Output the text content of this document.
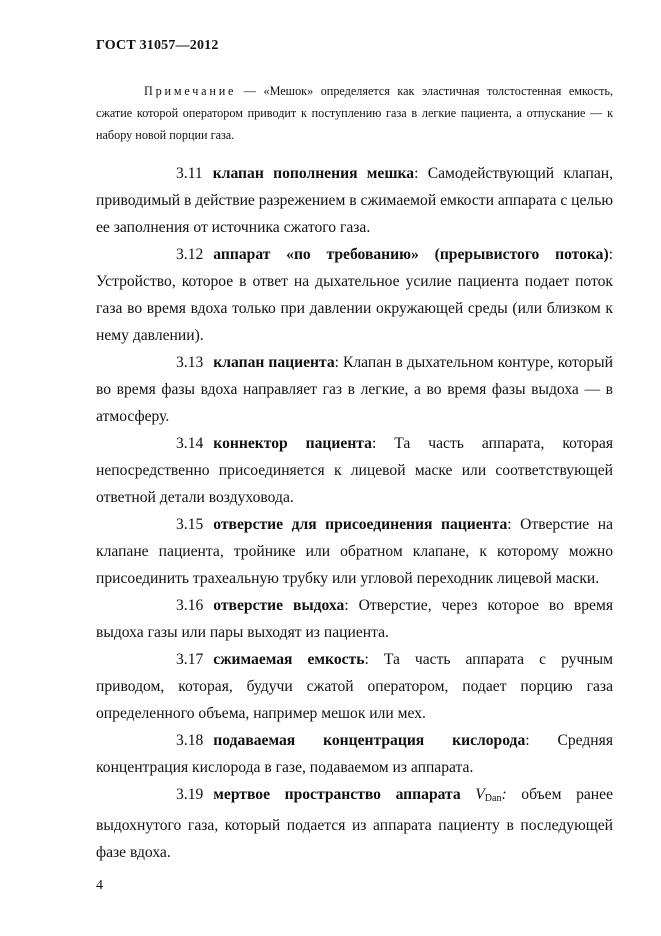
ГОСТ 31057—2012
Примечание — «Мешок» определяется как эластичная толстостенная емкость, сжатие которой оператором приводит к поступлению газа в легкие пациента, а отпускание — к набору новой порции газа.

3.11 клапан пополнения мешка: Самодействующий клапан, приводимый в действие разрежением в сжимаемой емкости аппарата с целью ее заполнения от источника сжатого газа.

3.12 аппарат «по требованию» (прерывистого потока): Устройство, которое в ответ на дыхательное усилие пациента подает поток газа во время вдоха только при давлении окружающей среды (или близком к нему давлении).

3.13 клапан пациента: Клапан в дыхательном контуре, который во время фазы вдоха направляет газ в легкие, а во время фазы выдоха — в атмосферу.

3.14 коннектор пациента: Та часть аппарата, которая непосредственно присоединяется к лицевой маске или соответствующей ответной детали воздуховода.

3.15 отверстие для присоединения пациента: Отверстие на клапане пациента, тройнике или обратном клапане, к которому можно присоединить трахеальную трубку или угловой переходник лицевой маски.

3.16 отверстие выдоха: Отверстие, через которое во время выдоха газы или пары выходят из пациента.

3.17 сжимаемая емкость: Та часть аппарата с ручным приводом, которая, будучи сжатой оператором, подает порцию газа определенного объема, например мешок или мех.

3.18 подаваемая концентрация кислорода: Средняя концентрация кислорода в газе, подаваемом из аппарата.

3.19 мертвое пространство аппарата $V_{Dan}$: объем ранее выдохнутого газа, который подается из аппарата пациенту в последующей фазе вдоха.

4
